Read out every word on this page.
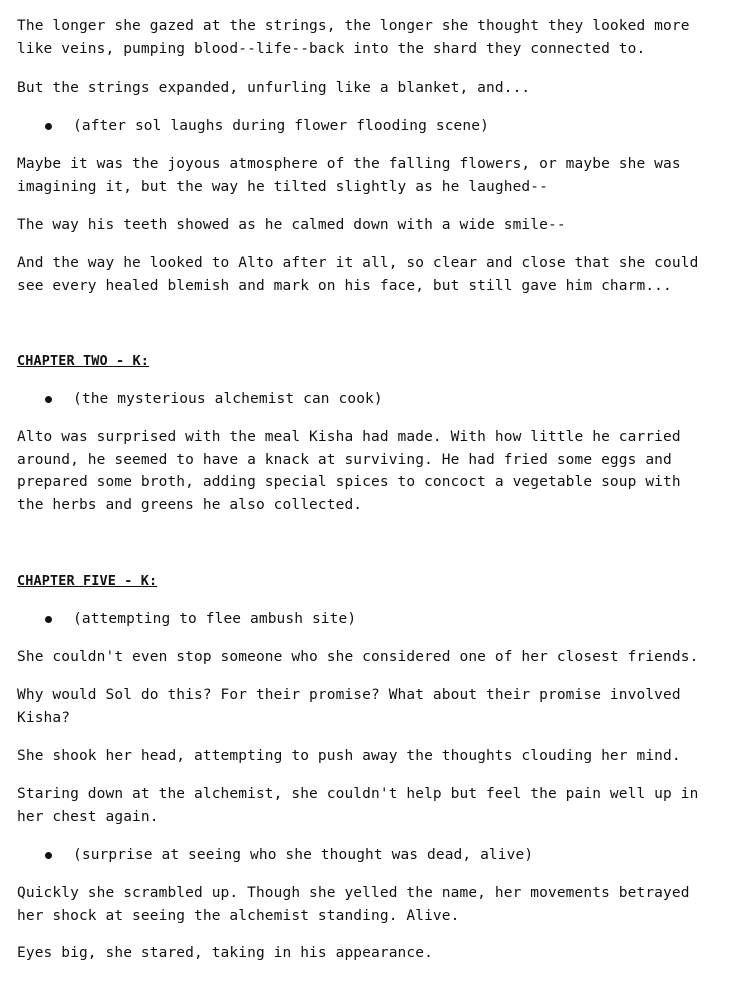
The longer she gazed at the strings, the longer she thought they looked more
like veins, pumping blood--life--back into the shard they connected to.

But the strings expanded, unfurling like a blanket, and...

(after sol laughs during flower flooding scene)

Maybe it was the joyous atmosphere of the falling flowers, or maybe she was
imagining it, but the way he tilted slightly as he laughed--

The way his teeth showed as he calmed down with a wide smile--

And the way he looked to Alto after it all, so clear and close that she could
see every healed blemish and mark on his face, but still gave him charm...

CHAPTER TWO - K:

(the mysterious alchemist can cook)

Alto was surprised with the meal Kisha had made. With how little he carried
around, he seemed to have a knack at surviving. He had fried some eggs and
prepared some broth, adding special spices to concoct a vegetable soup with
the herbs and greens he also collected.

CHAPTER FIVE - K:

(attempting to flee ambush site)

She couldn't even stop someone who she considered one of her closest friends.

Why would Sol do this? For their promise? What about their promise involved
Kisha?

She shook her head, attempting to push away the thoughts clouding her mind.

Staring down at the alchemist, she couldn't help but feel the pain well up in
her chest again.

(surprise at seeing who she thought was dead, alive)

Quickly she scrambled up. Though she yelled the name, her movements betrayed
her shock at seeing the alchemist standing. Alive.

Eyes big, she stared, taking in his appearance.
